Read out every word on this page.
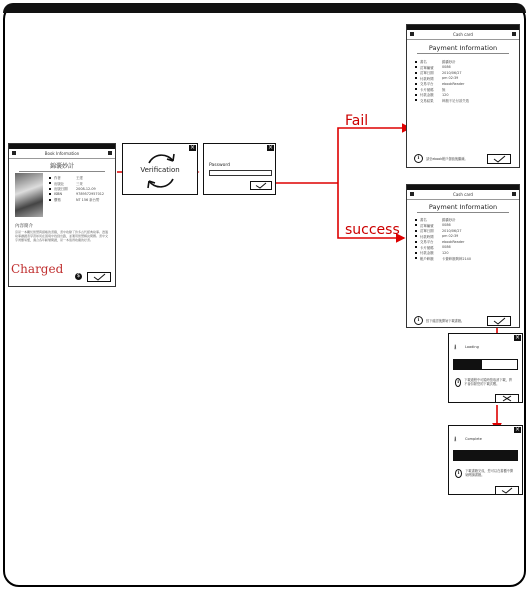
Fail
success
Book Information
錦囊妙計
作者	王建
出版社	三采
出版日期	2008-12-09
ISBN	9789572957012
價格	NT 156 新台幣
內容簡介
這是一本關於智慧與謀略的書籍，書中收錄了許多古代經典故事。透過故事讓讀者學習如何在困境中找到出路，並運用智慧解決問題。書中文字淺顯易懂，適合各年齡層閱讀，是一本值得收藏的好書。
Charged	$
×
Verification
×
Password
Cash card
Payment Information
書名	錦囊妙計
訂單編號	0086
訂單日期	2010/06/27
付款時間	pm 02:39
交易平台	ebookReader
卡片號碼	無
付款金額	120
交易結果	餘額不足付款失敗
i	請至ebook帳戶儲值後繼續。
Cash card
Payment Information
書名	錦囊妙計
訂單編號	0086
訂單日期	2010/06/27
付款時間	pm 02:39
交易平台	ebookReader
卡片號碼	0086
付款金額	120
帳戶餘額	卡費餘額剩餘2140
i	按下確認後開始下載書籍。
×
⭳ Loading
i	下載過程中可隨時按取消下載，將不會扣除您的下載次數。
×
⭳ Complete
i	下載書籍完成，您可以在書櫃中開始閱讀書籍。
